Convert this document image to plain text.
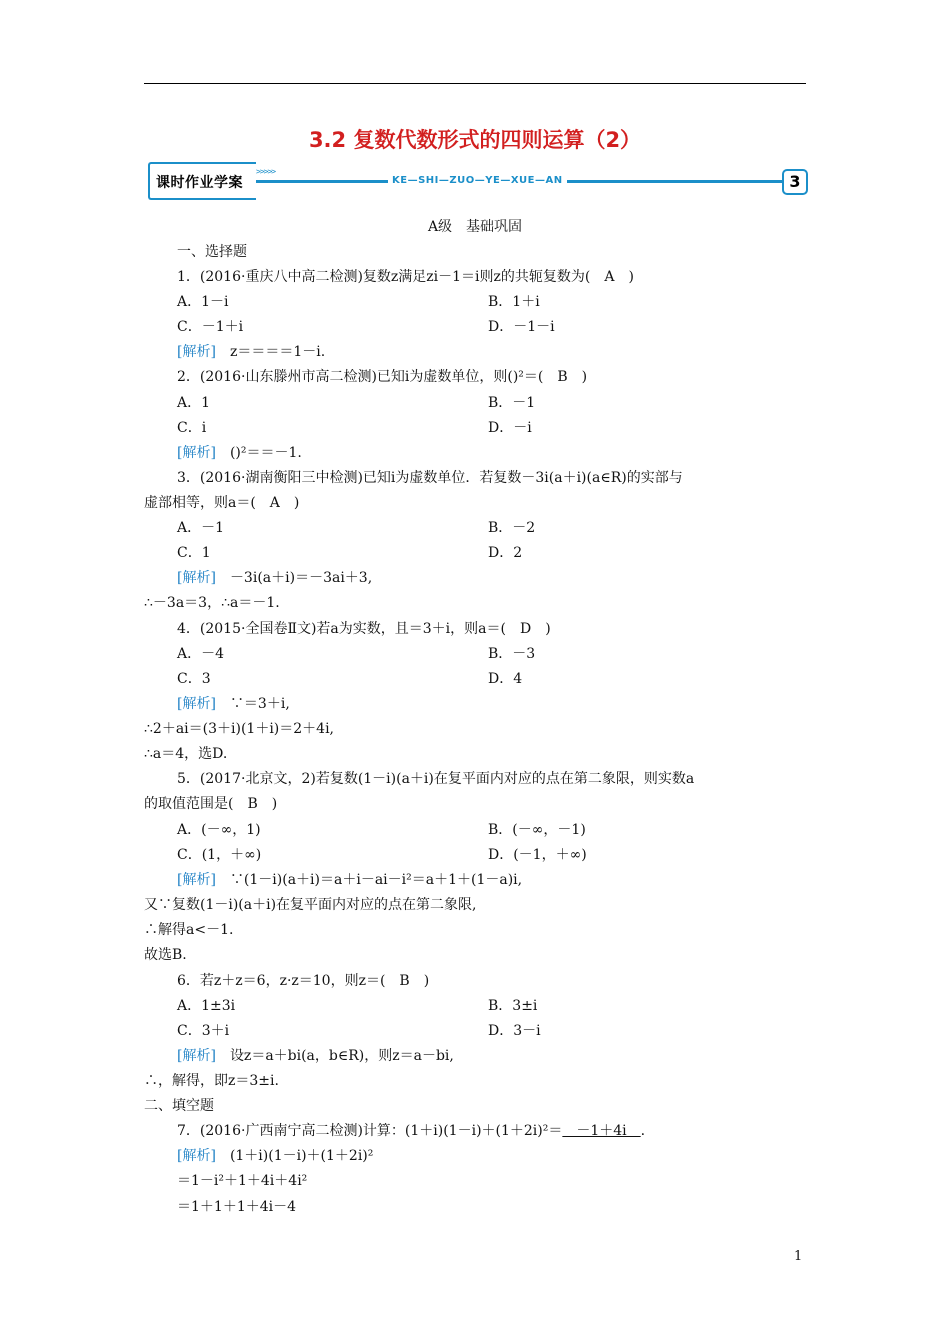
3.2 复数代数形式的四则运算（2）
课时作业学案
>>>>>
KE—SHI—ZUO—YE—XUE—AN	3
A级　基础巩固
一、选择题
1．(2016·重庆八中高二检测)复数z满足zi－1＝i则z的共轭复数为(　A　)
A．1－i	B．1＋i
C．－1＋i	D．－1－i
[解析]　 z＝＝＝＝1－i.
2．(2016·山东滕州市高二检测)已知i为虚数单位，则()²＝(　B　)
A．1	B．－1
C．i	D．－i
[解析]　 ()²＝＝－1.
3．(2016·湖南衡阳三中检测)已知i为虚数单位．若复数－3i(a＋i)(a∈R)的实部与
虚部相等，则a＝(　A　)
A．－1	B．－2
C．1	D．2
[解析]　 －3i(a＋i)＝－3ai＋3,
∴－3a＝3，∴a＝－1.
4．(2015·全国卷Ⅱ文)若a为实数，且＝3＋i，则a＝(　D　)
A．－4	B．－3
C．3	D．4
[解析]　 ∵＝3＋i,
∴2＋ai＝(3＋i)(1＋i)＝2＋4i,
∴a＝4，选D.
5．(2017·北京文，2)若复数(1－i)(a＋i)在复平面内对应的点在第二象限，则实数a
的取值范围是(　B　)
A．(－∞，1)	B．(－∞，－1)
C．(1，＋∞)	D．(－1，＋∞)
[解析]　 ∵(1－i)(a＋i)＝a＋i－ai－i²＝a＋1＋(1－a)i,
又∵复数(1－i)(a＋i)在复平面内对应的点在第二象限,
∴解得a<－1.
故选B.
6．若z＋z＝6，z·z＝10，则z＝(　B　)
A．1±3i	B．3±i
C．3＋i	D．3－i
[解析]　 设z＝a＋bi(a，b∈R)，则z＝a－bi,
∴，解得，即z＝3±i.
二、填空题
7．(2016·广西南宁高二检测)计算：(1＋i)(1－i)＋(1＋2i)²＝　－1＋4i　.
[解析]　 (1＋i)(1－i)＋(1＋2i)²
＝1－i²＋1＋4i＋4i²
＝1＋1＋1＋4i－4
1
